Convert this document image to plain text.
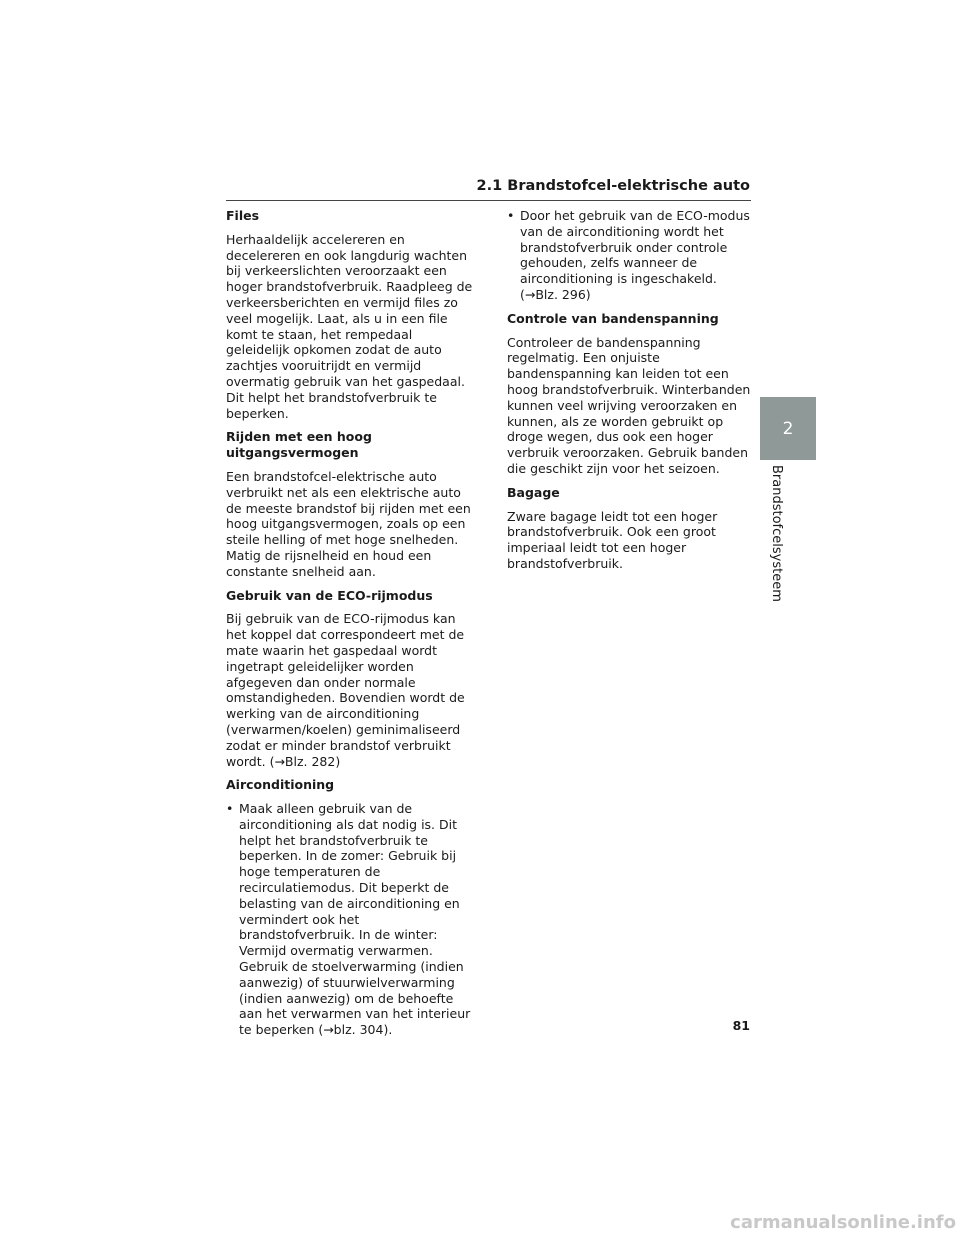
2.1 Brandstofcel-elektrische auto
Files
Herhaaldelijk accelereren en decelereren en ook langdurig wachten bij verkeerslichten veroorzaakt een hoger brandstofverbruik. Raadpleeg de verkeersberichten en vermijd files zo veel mogelijk. Laat, als u in een file komt te staan, het rempedaal geleidelijk opkomen zodat de auto zachtjes vooruitrijdt en vermijd overmatig gebruik van het gaspedaal. Dit helpt het brandstofverbruik te beperken.
Rijden met een hoog uitgangsvermogen
Een brandstofcel-elektrische auto verbruikt net als een elektrische auto de meeste brandstof bij rijden met een hoog uitgangsvermogen, zoals op een steile helling of met hoge snelheden. Matig de rijsnelheid en houd een constante snelheid aan.
Gebruik van de ECO-rijmodus
Bij gebruik van de ECO-rijmodus kan het koppel dat correspondeert met de mate waarin het gaspedaal wordt ingetrapt geleidelijker worden afgegeven dan onder normale omstandigheden. Bovendien wordt de werking van de airconditioning (verwarmen/koelen) geminimaliseerd zodat er minder brandstof verbruikt wordt. (→Blz. 282)
Airconditioning
• Maak alleen gebruik van de airconditioning als dat nodig is. Dit helpt het brandstofverbruik te beperken. In de zomer: Gebruik bij hoge temperaturen de recirculatiemodus. Dit beperkt de belasting van de airconditioning en vermindert ook het brandstofverbruik. In de winter: Vermijd overmatig verwarmen. Gebruik de stoelverwarming (indien aanwezig) of stuurwielverwarming (indien aanwezig) om de behoefte aan het verwarmen van het interieur te beperken (→blz. 304).
• Door het gebruik van de ECO-modus van de airconditioning wordt het brandstofverbruik onder controle gehouden, zelfs wanneer de airconditioning is ingeschakeld. (→Blz. 296)
Controle van bandenspanning
Controleer de bandenspanning regelmatig. Een onjuiste bandenspanning kan leiden tot een hoog brandstofverbruik. Winterbanden kunnen veel wrijving veroorzaken en kunnen, als ze worden gebruikt op droge wegen, dus ook een hoger verbruik veroorzaken. Gebruik banden die geschikt zijn voor het seizoen.
Bagage
Zware bagage leidt tot een hoger brandstofverbruik. Ook een groot imperiaal leidt tot een hoger brandstofverbruik.
2
Brandstofcelsysteem
81
carmanualsonline.info
